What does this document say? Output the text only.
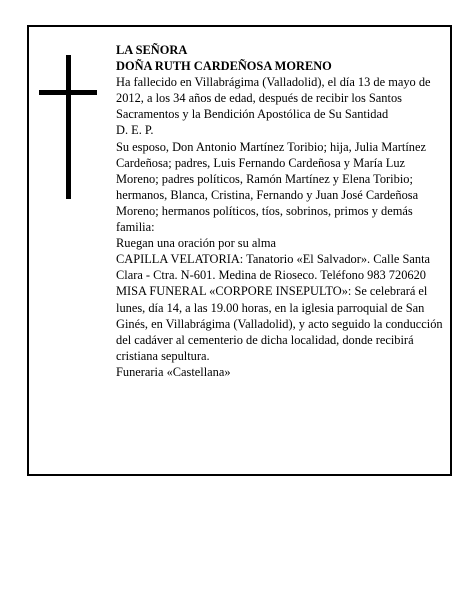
LA SEÑORA

DOÑA RUTH CARDEÑOSA MORENO

Ha fallecido en Villabrágima (Valladolid), el día 13 de mayo de 2012, a los 34 años de edad, después de recibir los Santos Sacramentos y la Bendición Apostólica de Su Santidad

D. E. P.

Su esposo, Don Antonio Martínez Toribio; hija, Julia Martínez Cardeñosa; padres, Luis Fernando Cardeñosa y María Luz Moreno; padres políticos, Ramón Martínez y Elena Toribio; hermanos, Blanca, Cristina, Fernando y Juan José Cardeñosa Moreno; hermanos políticos, tíos, sobrinos, primos y demás familia:

Ruegan una oración por su alma

CAPILLA VELATORIA: Tanatorio «El Salvador». Calle Santa Clara - Ctra. N-601. Medina de Rioseco. Teléfono 983 720620

MISA FUNERAL «CORPORE INSEPULTO»: Se celebrará el lunes, día 14, a las 19.00 horas, en la iglesia parroquial de San Ginés, en Villabrágima (Valladolid), y acto seguido la conducción del cadáver al cementerio de dicha localidad, donde recibirá cristiana sepultura.

Funeraria «Castellana»
